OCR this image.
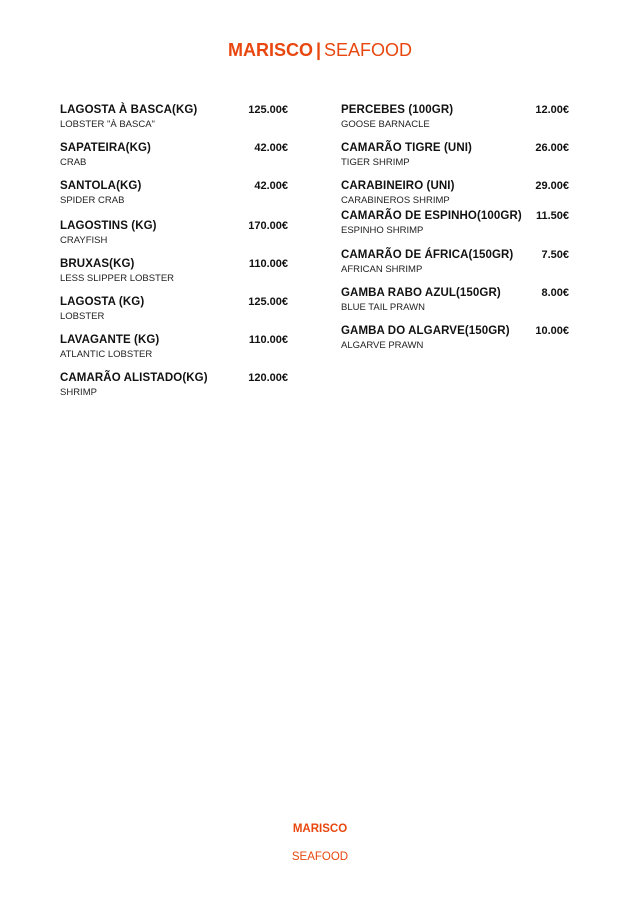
MARISCO | SEAFOOD
LAGOSTA À BASCA(KG)	125.00€
LOBSTER "À BASCA"
SAPATEIRA(KG)	42.00€
CRAB
SANTOLA(KG)	42.00€
SPIDER CRAB
LAGOSTINS (KG)	170.00€
CRAYFISH
BRUXAS(KG)	110.00€
LESS SLIPPER LOBSTER
LAGOSTA (KG)	125.00€
LOBSTER
LAVAGANTE (KG)	110.00€
ATLANTIC LOBSTER
CAMARÃO ALISTADO(KG)	120.00€
SHRIMP
PERCEBES (100GR)	12.00€
GOOSE BARNACLE
CAMARÃO TIGRE (UNI)	26.00€
TIGER SHRIMP
CARABINEIRO (UNI)	29.00€
CARABINEROS SHRIMP
CAMARÃO DE ESPINHO(100GR) 11.50€
ESPINHO SHRIMP
CAMARÃO DE ÁFRICA(150GR)	7.50€
AFRICAN SHRIMP
GAMBA RABO AZUL(150GR)	8.00€
BLUE TAIL PRAWN
GAMBA DO ALGARVE(150GR) 10.00€
ALGARVE PRAWN
MARISCO
SEAFOOD
